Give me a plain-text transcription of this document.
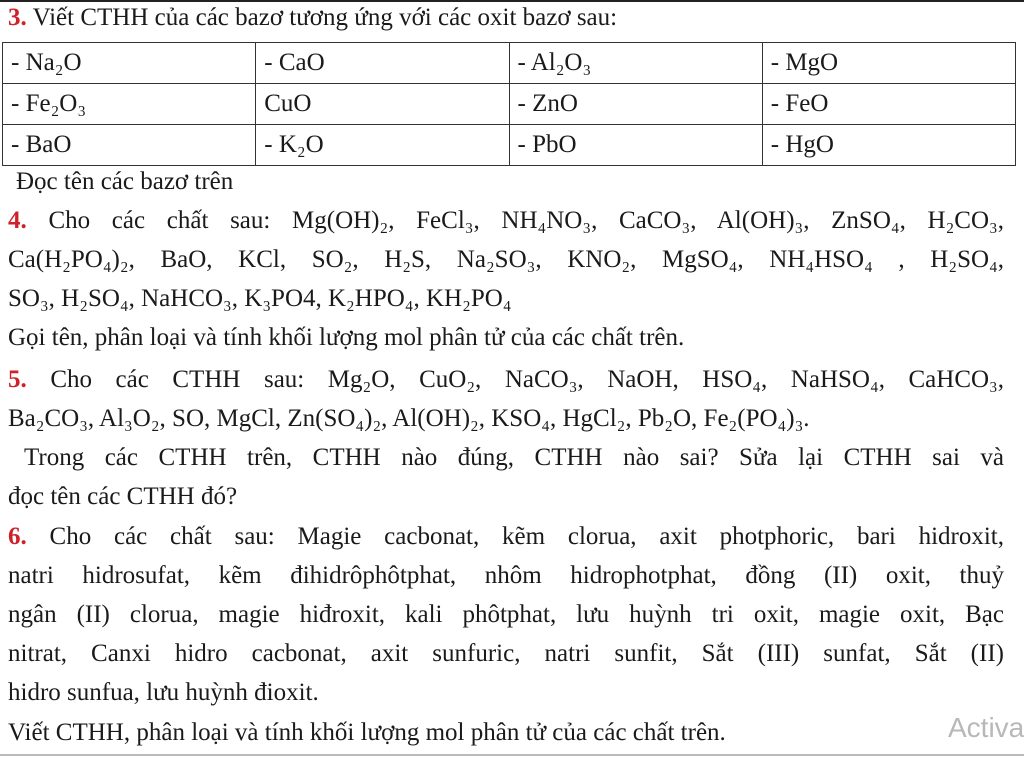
3. Viết CTHH của các bazơ tương ứng với các oxit bazơ sau:
- Na₂O	- CaO	- Al₂O₃	- MgO
- Fe₂O₃	CuO	- ZnO	- FeO
- BaO	- K₂O	- PbO	- HgO
Đọc tên các bazơ trên
4. Cho các chất sau: Mg(OH)₂, FeCl₃, NH₄NO₃, CaCO₃, Al(OH)₃, ZnSO₄, H₂CO₃,
Ca(H₂PO₄)₂, BaO, KCl, SO₂, H₂S, Na₂SO₃, KNO₂, MgSO₄, NH₄HSO₄ , H₂SO₄,
SO₃, H₂SO₄, NaHCO₃, K₃PO4, K₂HPO₄, KH₂PO₄
Gọi tên, phân loại và tính khối lượng mol phân tử của các chất trên.
5. Cho các CTHH sau: Mg₂O, CuO₂, NaCO₃, NaOH, HSO₄, NaHSO₄, CaHCO₃,
Ba₂CO₃, Al₃O₂, SO, MgCl, Zn(SO₄)₂, Al(OH)₂, KSO₄, HgCl₂, Pb₂O, Fe₂(PO₄)₃.
Trong các CTHH trên, CTHH nào đúng, CTHH nào sai? Sửa lại CTHH sai và
đọc tên các CTHH đó?
6. Cho các chất sau: Magie cacbonat, kẽm clorua, axit photphoric, bari hidroxit,
natri hidrosufat, kẽm đihidrôphôtphat, nhôm hidrophotphat, đồng (II) oxit, thuỷ
ngân (II) clorua, magie hiđroxit, kali phôtphat, lưu huỳnh tri oxit, magie oxit, Bạc
nitrat, Canxi hidro cacbonat, axit sunfuric, natri sunfit, Sắt (III) sunfat, Sắt (II)
hidro sunfua, lưu huỳnh đioxit.
Viết CTHH, phân loại và tính khối lượng mol phân tử của các chất trên.	Activa
